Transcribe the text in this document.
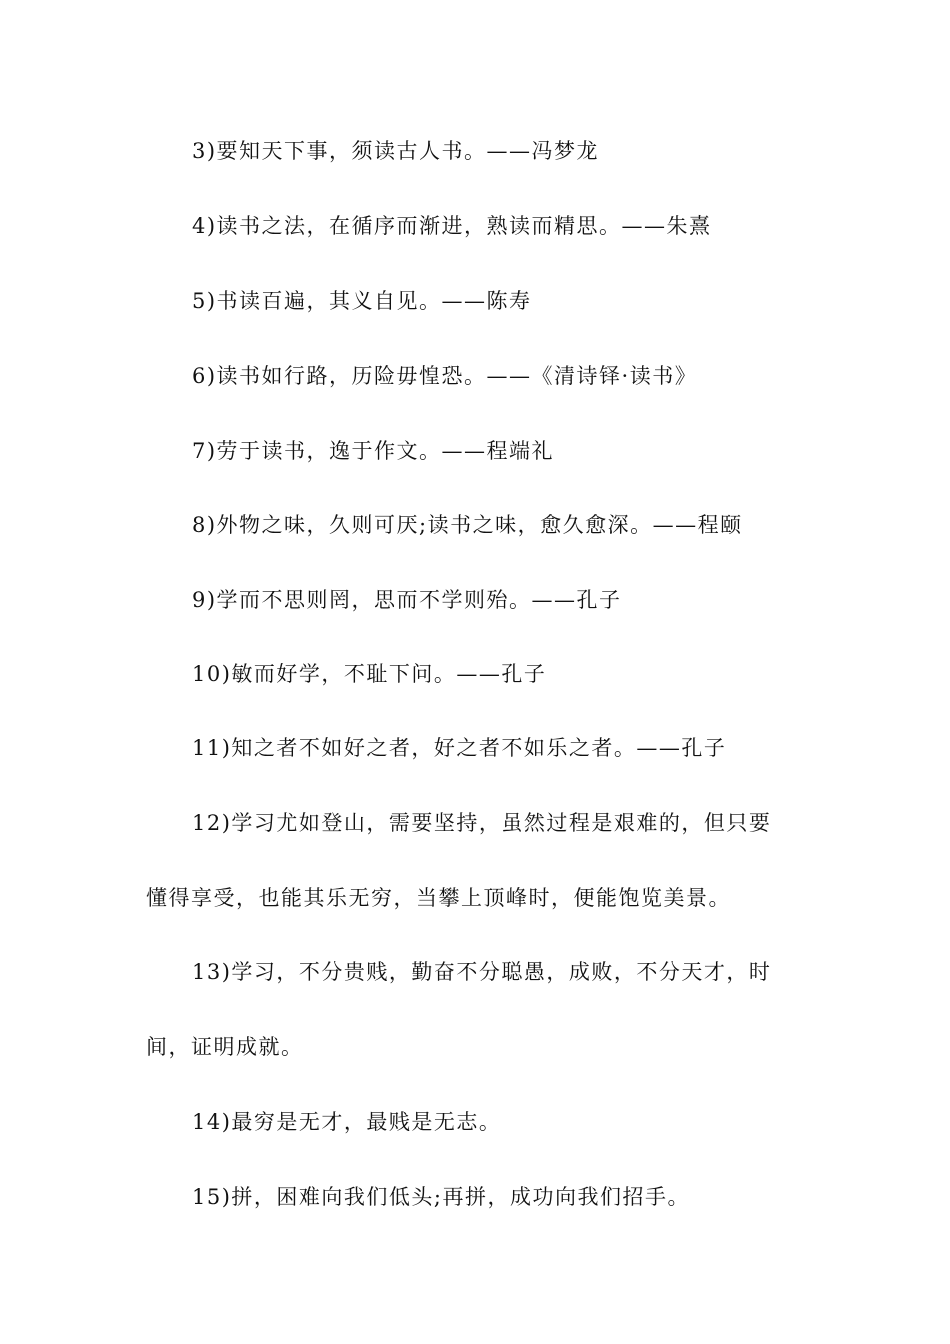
3)要知天下事，须读古人书。——冯梦龙
4)读书之法，在循序而渐进，熟读而精思。——朱熹
5)书读百遍，其义自见。——陈寿
6)读书如行路，历险毋惶恐。——《清诗铎·读书》
7)劳于读书，逸于作文。——程端礼
8)外物之味，久则可厌;读书之味，愈久愈深。——程颐
9)学而不思则罔，思而不学则殆。——孔子
10)敏而好学，不耻下问。——孔子
11)知之者不如好之者，好之者不如乐之者。——孔子
12)学习尤如登山，需要坚持，虽然过程是艰难的，但只要
懂得享受，也能其乐无穷，当攀上顶峰时，便能饱览美景。
13)学习，不分贵贱，勤奋不分聪愚，成败，不分天才，时
间，证明成就。
14)最穷是无才，最贱是无志。
15)拼，困难向我们低头;再拼，成功向我们招手。
